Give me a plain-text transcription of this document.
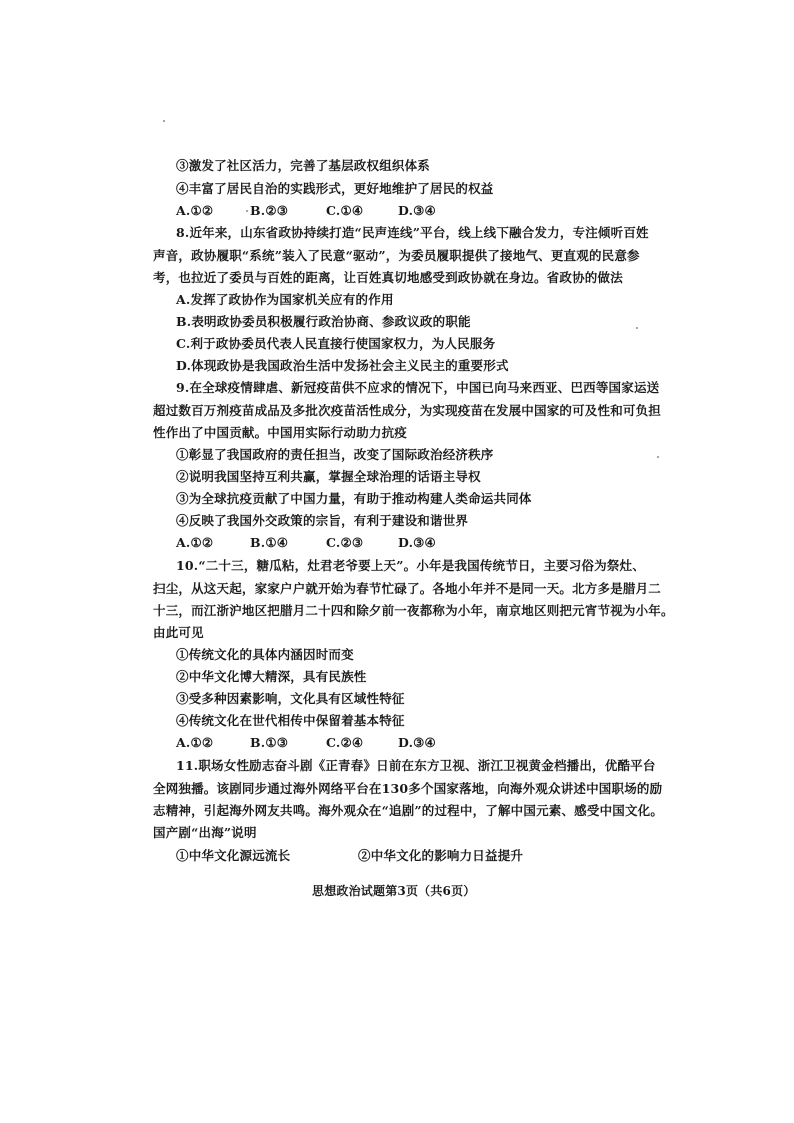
③激发了社区活力，完善了基层政权组织体系
④丰富了居民自治的实践形式，更好地维护了居民的权益
A.①②	B.②③	C.①④	D.③④
8.近年来，山东省政协持续打造“民声连线”平台，线上线下融合发力，专注倾听百姓
声音，政协履职“系统”装入了民意“驱动”，为委员履职提供了接地气、更直观的民意参
考，也拉近了委员与百姓的距离，让百姓真切地感受到政协就在身边。省政协的做法
A.发挥了政协作为国家机关应有的作用
B.表明政协委员积极履行政治协商、参政议政的职能
C.利于政协委员代表人民直接行使国家权力，为人民服务
D.体现政协是我国政治生活中发扬社会主义民主的重要形式
9.在全球疫情肆虐、新冠疫苗供不应求的情况下，中国已向马来西亚、巴西等国家运送
超过数百万剂疫苗成品及多批次疫苗活性成分，为实现疫苗在发展中国家的可及性和可负担
性作出了中国贡献。中国用实际行动助力抗疫
①彰显了我国政府的责任担当，改变了国际政治经济秩序
②说明我国坚持互利共赢，掌握全球治理的话语主导权
③为全球抗疫贡献了中国力量，有助于推动构建人类命运共同体
④反映了我国外交政策的宗旨，有利于建设和谐世界
A.①②	B.①④	C.②③	D.③④
10.“二十三，糖瓜粘，灶君老爷要上天”。小年是我国传统节日，主要习俗为祭灶、
扫尘，从这天起，家家户户就开始为春节忙碌了。各地小年并不是同一天。北方多是腊月二
十三，而江浙沪地区把腊月二十四和除夕前一夜都称为小年，南京地区则把元宵节视为小年。
由此可见
①传统文化的具体内涵因时而变
②中华文化博大精深，具有民族性
③受多种因素影响，文化具有区域性特征
④传统文化在世代相传中保留着基本特征
A.①②	B.①③	C.②④	D.③④
11.职场女性励志奋斗剧《正青春》日前在东方卫视、浙江卫视黄金档播出，优酷平台
全网独播。该剧同步通过海外网络平台在130多个国家落地，向海外观众讲述中国职场的励
志精神，引起海外网友共鸣。海外观众在“追剧”的过程中，了解中国元素、感受中国文化。
国产剧“出海”说明
①中华文化源远流长	②中华文化的影响力日益提升
思想政治试题第3页（共6页）
